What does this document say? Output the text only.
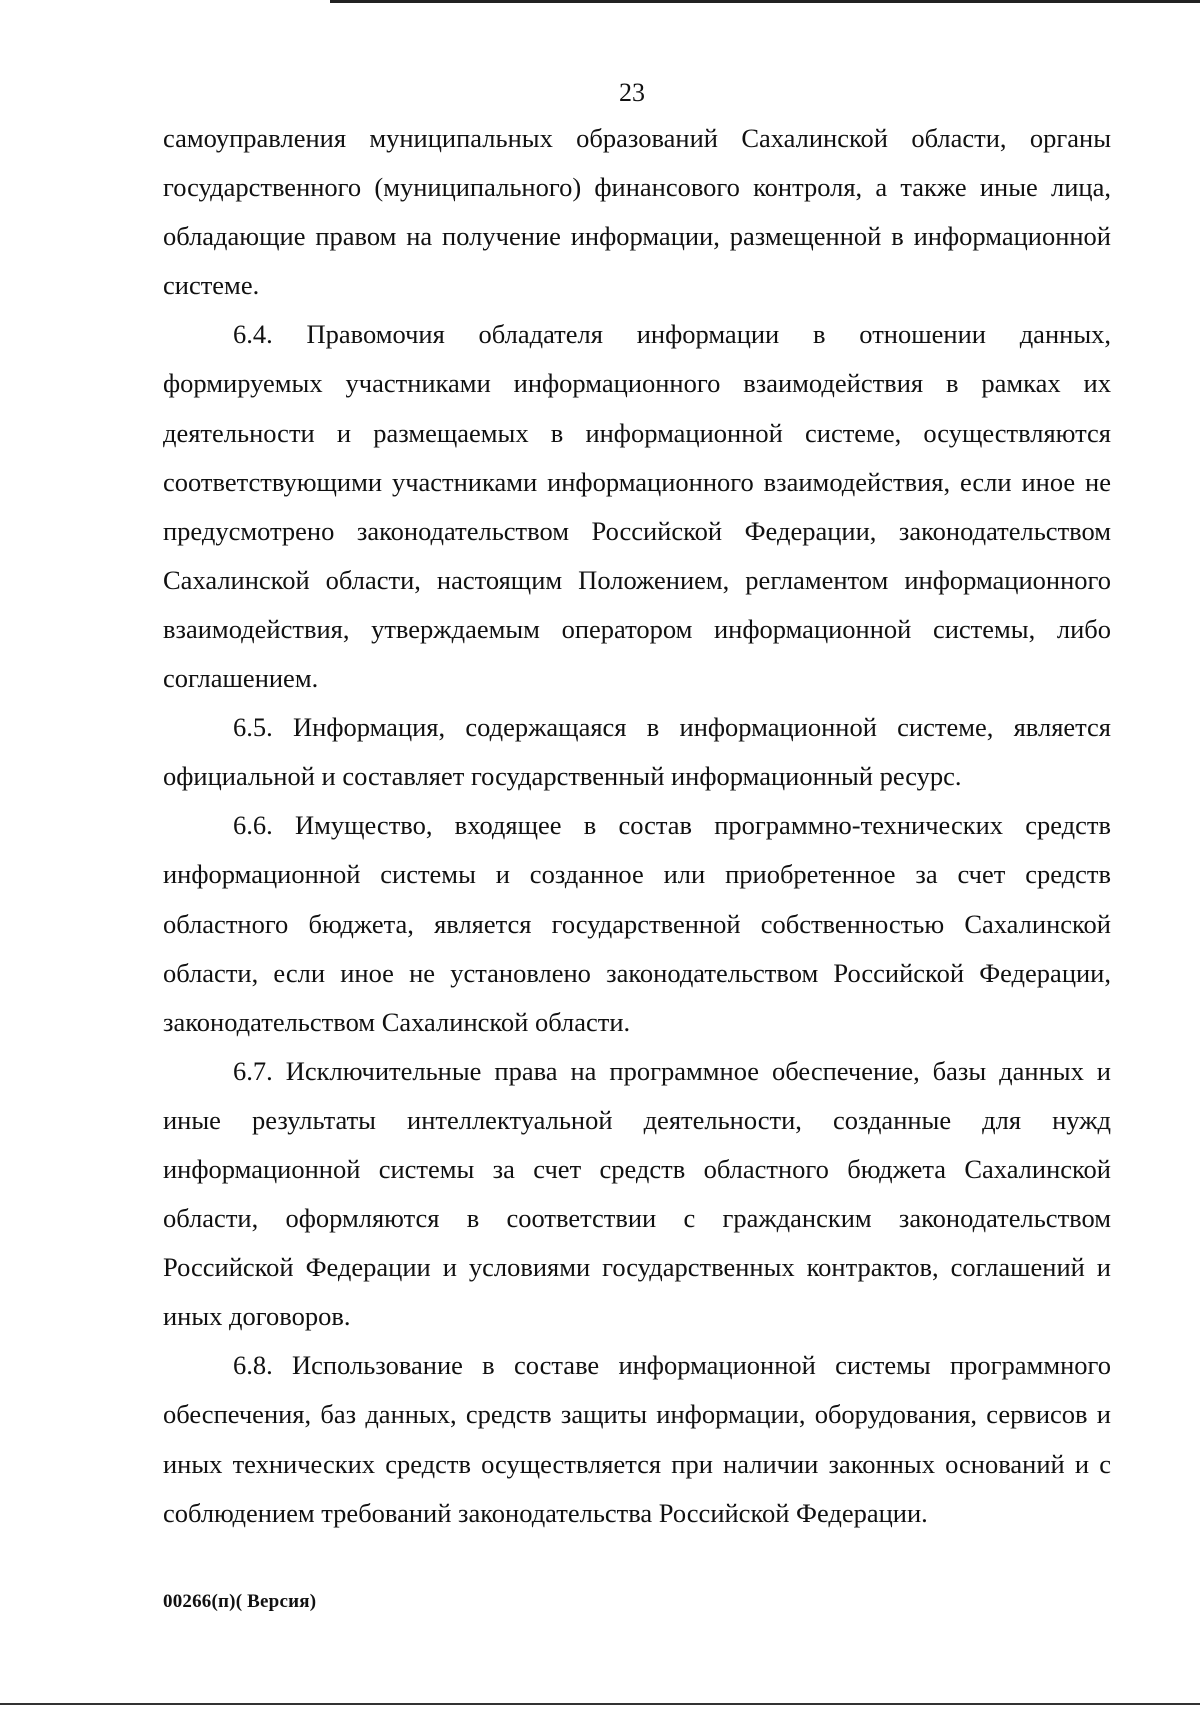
23

самоуправления муниципальных образований Сахалинской области, органы государственного (муниципального) финансового контроля, а также иные лица, обладающие правом на получение информации, размещенной в информационной системе.

6.4. Правомочия обладателя информации в отношении данных, формируемых участниками информационного взаимодействия в рамках их деятельности и размещаемых в информационной системе, осуществляются соответствующими участниками информационного взаимодействия, если иное не предусмотрено законодательством Российской Федерации, законодательством Сахалинской области, настоящим Положением, регламентом информационного взаимодействия, утверждаемым оператором информационной системы, либо соглашением.

6.5. Информация, содержащаяся в информационной системе, является официальной и составляет государственный информационный ресурс.

6.6. Имущество, входящее в состав программно-технических средств информационной системы и созданное или приобретенное за счет средств областного бюджета, является государственной собственностью Сахалинской области, если иное не установлено законодательством Российской Федерации, законодательством Сахалинской области.

6.7. Исключительные права на программное обеспечение, базы данных и иные результаты интеллектуальной деятельности, созданные для нужд информационной системы за счет средств областного бюджета Сахалинской области, оформляются в соответствии с гражданским законодательством Российской Федерации и условиями государственных контрактов, соглашений и иных договоров.

6.8. Использование в составе информационной системы программного обеспечения, баз данных, средств защиты информации, оборудования, сервисов и иных технических средств осуществляется при наличии законных оснований и с соблюдением требований законодательства Российской Федерации.

00266(п)( Версия)
